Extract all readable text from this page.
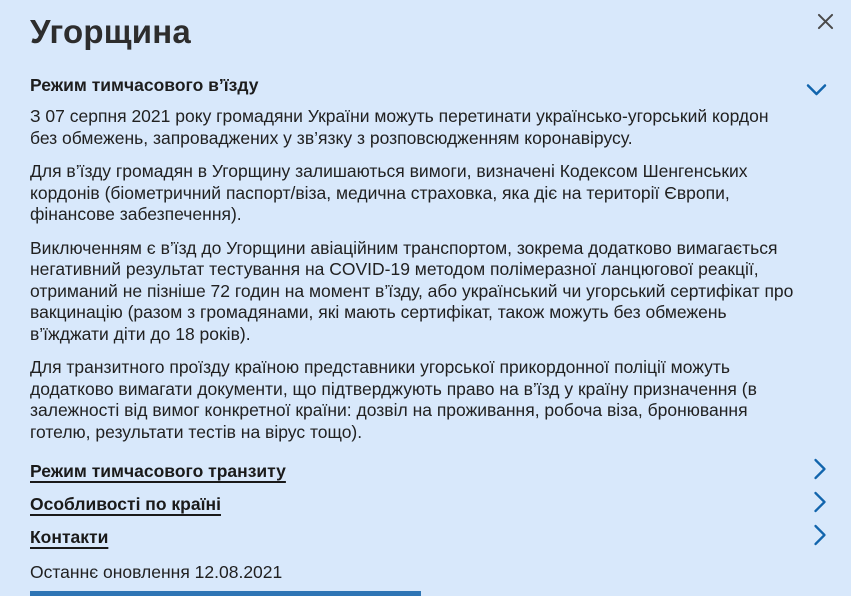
Угорщина
Режим тимчасового в’їзду

З 07 серпня 2021 року громадяни України можуть перетинати українсько-угорський кордон без обмежень, запроваджених у зв’язку з розповсюдженням коронавірусу.

Для в’їзду громадян в Угорщину залишаються вимоги, визначені Кодексом Шенгенських кордонів (біометричний паспорт/віза, медична страховка, яка діє на території Європи, фінансове забезпечення).

Виключенням є в’їзд до Угорщини авіаційним транспортом, зокрема додатково вимагається негативний результат тестування на COVID-19 методом полімеразної ланцюгової реакції, отриманий не пізніше 72 годин на момент в’їзду, або український чи угорський сертифікат про вакцинацію (разом з громадянами, які мають сертифікат, також можуть без обмежень в’їжджати діти до 18 років).

Для транзитного проїзду країною представники угорської прикордонної поліції можуть додатково вимагати документи, що підтверджують право на в’їзд у країну призначення (в залежності від вимог конкретної країни: дозвіл на проживання, робоча віза, бронювання готелю, результати тестів на вірус тощо).

Режим тимчасового транзиту
Особливості по країні
Контакти

Останнє оновлення 12.08.2021
